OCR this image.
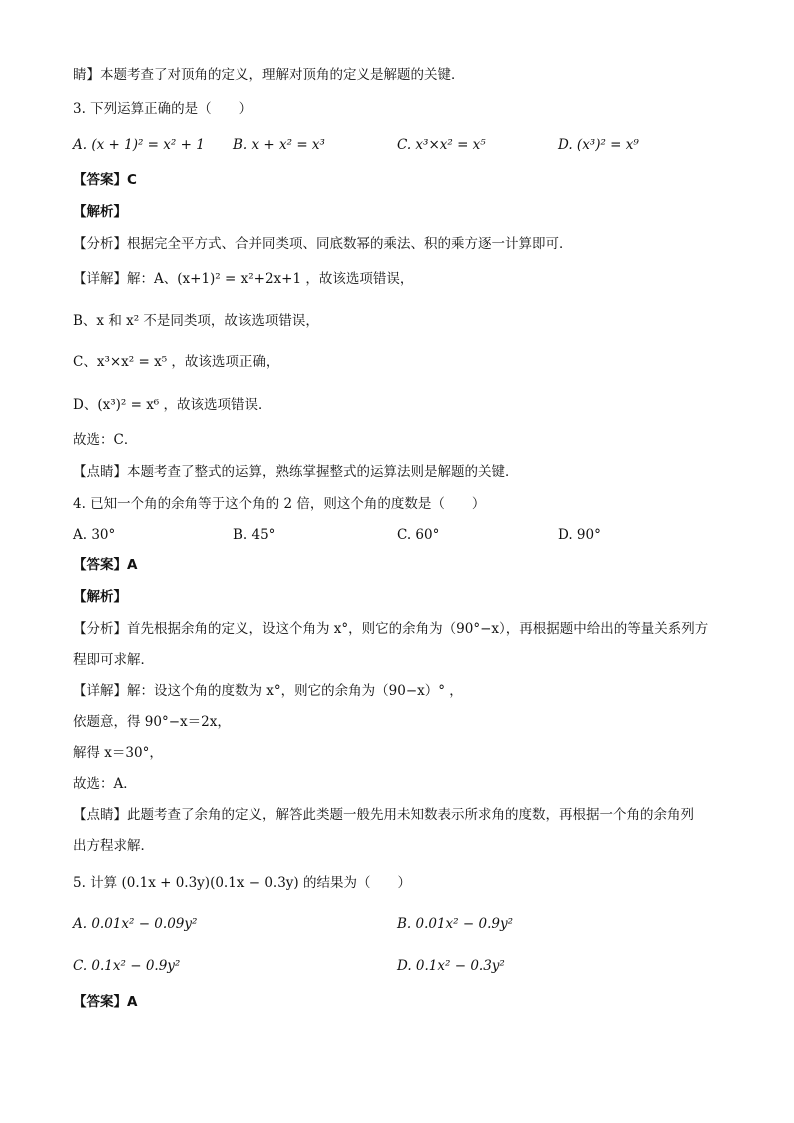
睛】本题考查了对顶角的定义，理解对顶角的定义是解题的关键．
3. 下列运算正确的是（　　）
A. (x + 1)² = x² + 1 B. x + x² = x³	C. x³×x² = x⁵	D. (x³)² = x⁹
【答案】C
【解析】
【分析】根据完全平方式、合并同类项、同底数幂的乘法、积的乘方逐一计算即可．
【详解】解：A、(x+1)² = x²+2x+1 ，故该选项错误，
B、x 和 x² 不是同类项，故该选项错误，
C、x³×x² = x⁵ ，故该选项正确，
D、(x³)² = x⁶ ，故该选项错误．
故选：C．
【点睛】本题考查了整式的运算，熟练掌握整式的运算法则是解题的关键．
4. 已知一个角的余角等于这个角的 2 倍，则这个角的度数是（　　）
A. 30°	B. 45°	C. 60°	D. 90°
【答案】A
【解析】
【分析】首先根据余角的定义，设这个角为 x°，则它的余角为（90°−x），再根据题中给出的等量关系列方
程即可求解．
【详解】解：设这个角的度数为 x°，则它的余角为（90−x）° ，
依题意，得 90°−x＝2x，
解得 x＝30°，
故选：A．
【点睛】此题考查了余角的定义，解答此类题一般先用未知数表示所求角的度数，再根据一个角的余角列
出方程求解．
5. 计算 (0.1x + 0.3y)(0.1x − 0.3y) 的结果为（　　）
A. 0.01x² − 0.09y²	B. 0.01x² − 0.9y²
C. 0.1x² − 0.9y²	D. 0.1x² − 0.3y²
【答案】A
